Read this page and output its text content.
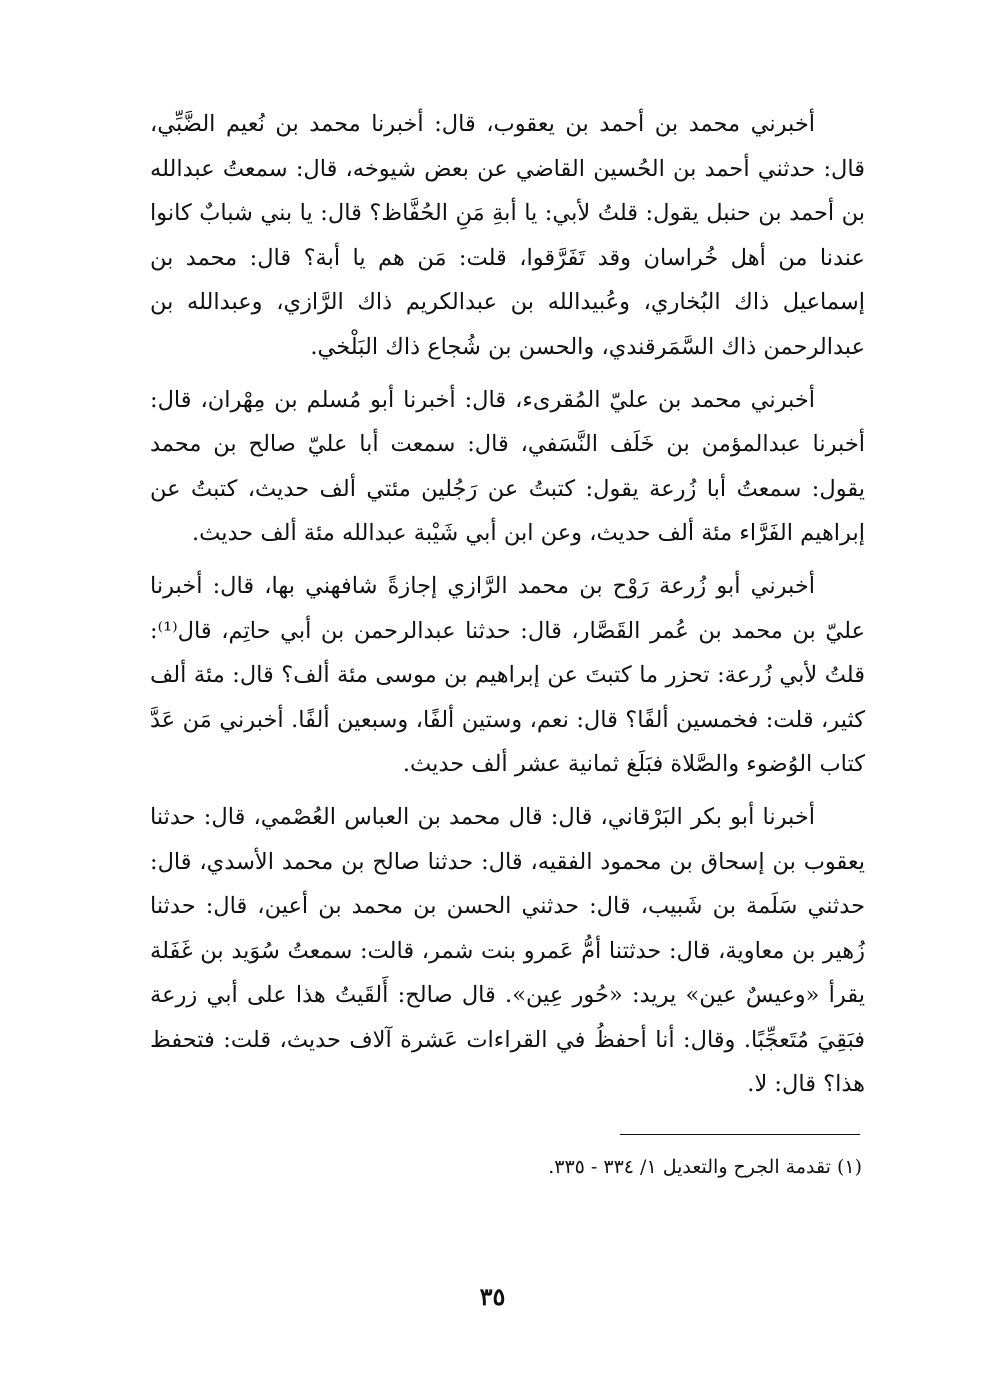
أخبرني محمد بن أحمد بن يعقوب، قال: أخبرنا محمد بن نُعيم الضَّبِّي، قال: حدثني أحمد بن الحُسين القاضي عن بعض شيوخه، قال: سمعتُ عبدالله بن أحمد بن حنبل يقول: قلتُ لأبي: يا أبةِ مَنِ الحُفَّاظ؟ قال: يا بني شبابٌ كانوا عندنا من أهل خُراسان وقد تَفَرَّقوا، قلت: مَن هم يا أبة؟ قال: محمد بن إسماعيل ذاك البُخاري، وعُبيدالله بن عبدالكريم ذاك الرَّازي، وعبدالله بن عبدالرحمن ذاك السَّمَرقندي، والحسن بن شُجاع ذاك البَلْخي.

أخبرني محمد بن عليّ المُقرىء، قال: أخبرنا أبو مُسلم بن مِهْران، قال: أخبرنا عبدالمؤمن بن خَلَف النَّسَفي، قال: سمعت أبا عليّ صالح بن محمد يقول: سمعتُ أبا زُرعة يقول: كتبتُ عن رَجُلين مئتي ألف حديث، كتبتُ عن إبراهيم الفَرَّاء مئة ألف حديث، وعن ابن أبي شَيْبة عبدالله مئة ألف حديث.

أخبرني أبو زُرعة رَوْح بن محمد الرَّازي إجازةً شافهني بها، قال: أخبرنا عليّ بن محمد بن عُمر القَصَّار، قال: حدثنا عبدالرحمن بن أبي حاتِم، قال⁽¹⁾: قلتُ لأبي زُرعة: تحزر ما كتبتَ عن إبراهيم بن موسى مئة ألف؟ قال: مئة ألف كثير، قلت: فخمسين ألفًا؟ قال: نعم، وستين ألفًا، وسبعين ألفًا. أخبرني مَن عَدَّ كتاب الوُضوء والصَّلاة فبَلَغ ثمانية عشر ألف حديث.

أخبرنا أبو بكر البَرْقاني، قال: قال محمد بن العباس العُصْمي، قال: حدثنا يعقوب بن إسحاق بن محمود الفقيه، قال: حدثنا صالح بن محمد الأسدي، قال: حدثني سَلَمة بن شَبيب، قال: حدثني الحسن بن محمد بن أعين، قال: حدثنا زُهير بن معاوية، قال: حدثتنا أمُّ عَمرو بنت شمر، قالت: سمعتُ سُوَيد بن غَفَلة يقرأ «وعيسٌ عين» يريد: «حُور عِين». قال صالح: أَلقَيتُ هذا على أبي زرعة فبَقِيَ مُتَعجِّبًا. وقال: أنا أحفظُ في القراءات عَشرة آلاف حديث، قلت: فتحفظ هذا؟ قال: لا.

(١) تقدمة الجرح والتعديل ١/ ٣٣٤ - ٣٣٥.
٣٥
